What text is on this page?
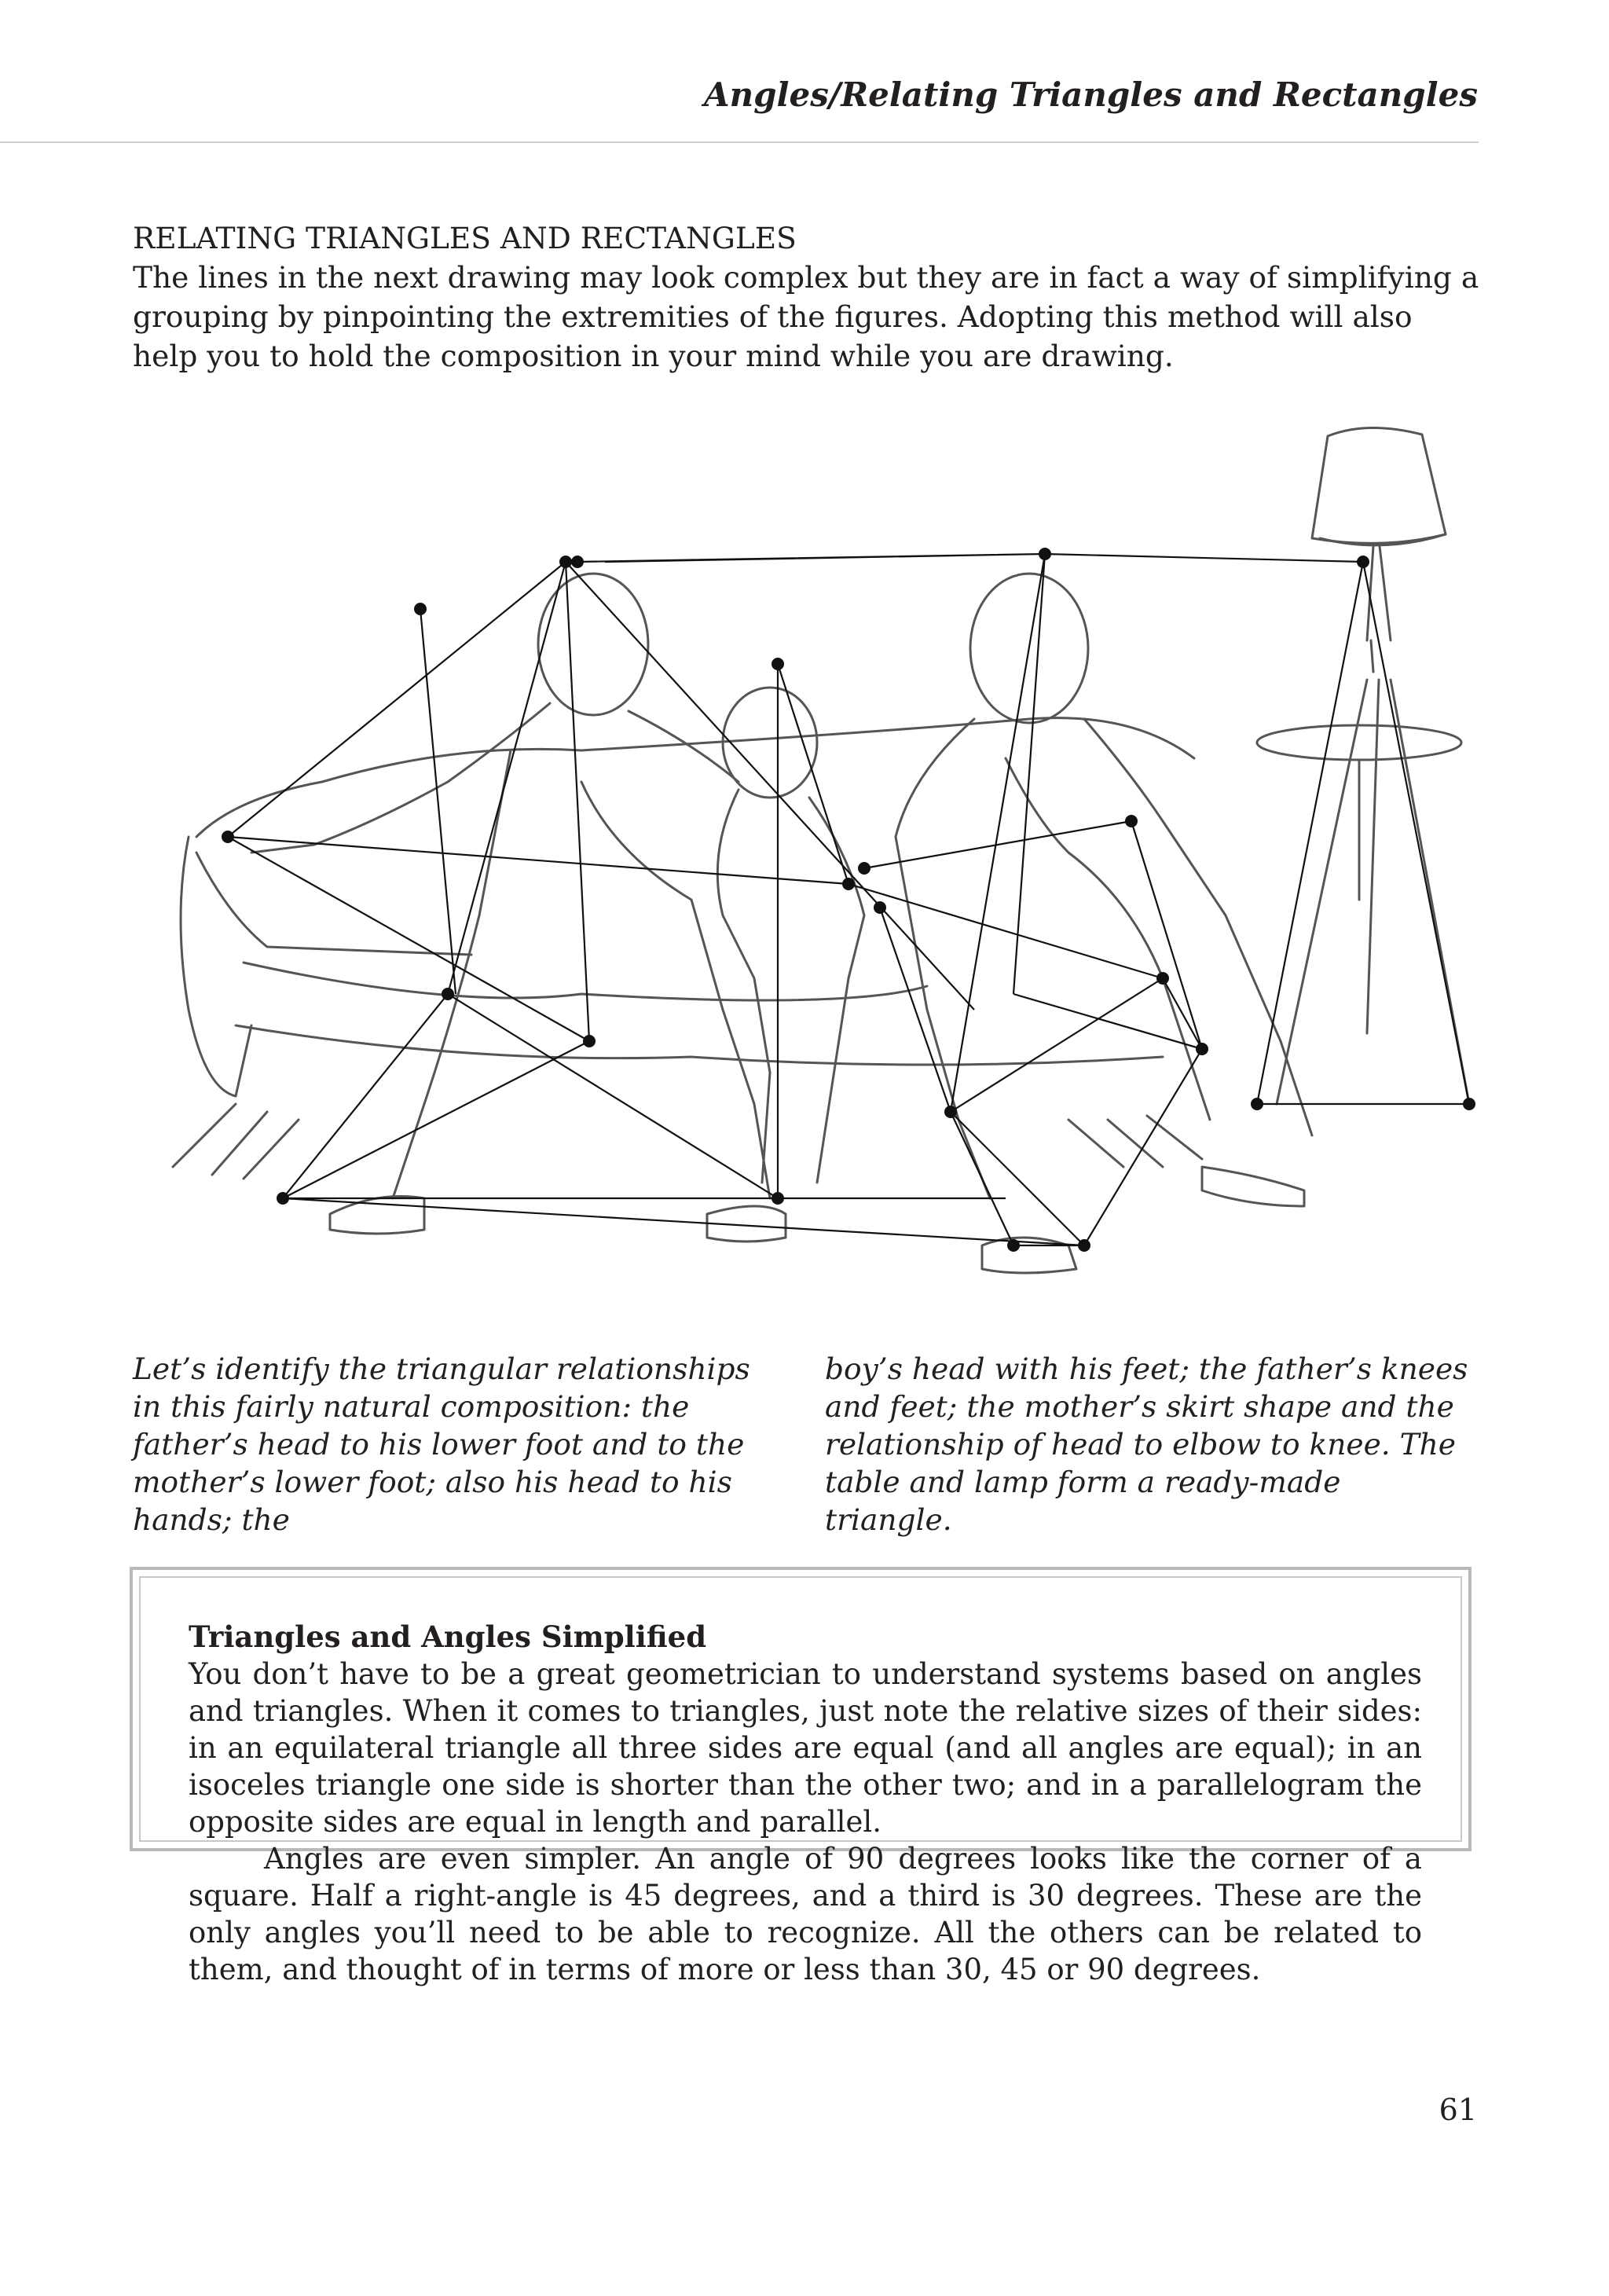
Angles/Relating Triangles and Rectangles
RELATING TRIANGLES AND RECTANGLES
The lines in the next drawing may look complex but they are in fact a way of simplifying a grouping by pinpointing the extremities of the figures. Adopting this method will also help you to hold the composition in your mind while you are drawing.
Let’s identify the triangular relationships in this fairly natural composition: the father’s head to his lower foot and to the mother’s lower foot; also his head to his hands; the
boy’s head with his feet; the father’s knees and feet; the mother’s skirt shape and the relationship of head to elbow to knee. The table and lamp form a ready-made triangle.
Triangles and Angles Simplified
You don’t have to be a great geometrician to understand systems based on angles and triangles. When it comes to triangles, just note the relative sizes of their sides: in an equilateral triangle all three sides are equal (and all angles are equal); in an isoceles triangle one side is shorter than the other two; and in a parallelogram the opposite sides are equal in length and parallel.
Angles are even simpler. An angle of 90 degrees looks like the corner of a square. Half a right-angle is 45 degrees, and a third is 30 degrees. These are the only angles you’ll need to be able to recognize. All the others can be related to them, and thought of in terms of more or less than 30, 45 or 90 degrees.
61
